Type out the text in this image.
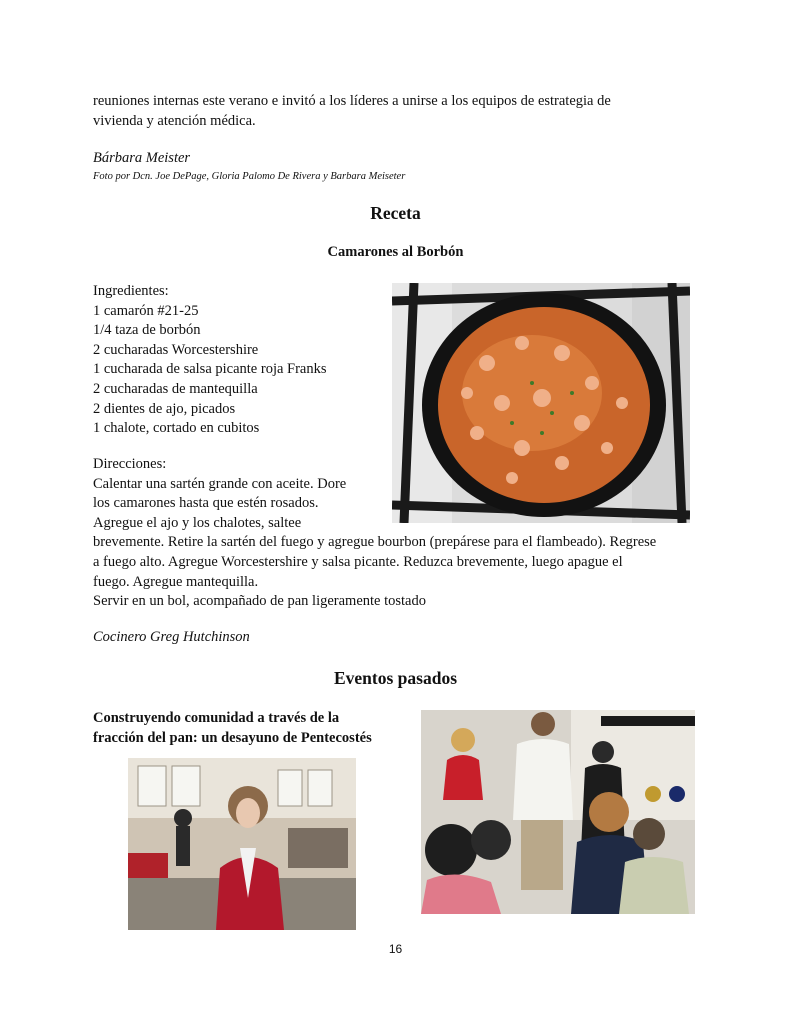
reuniones internas este verano e invitó a los líderes a unirse a los equipos de estrategia de
vivienda y atención médica.
Bárbara Meister
Foto por Dcn. Joe DePage, Gloria Palomo De Rivera y Barbara Meiseter
Receta
Camarones al Borbón
Ingredientes:
1 camarón #21-25
1/4 taza de borbón
2 cucharadas Worcestershire
1 cucharada de salsa picante roja Franks
2 cucharadas de mantequilla
2 dientes de ajo, picados
1 chalote, cortado en cubitos
Direcciones:
Calentar una sartén grande con aceite. Dore
los camarones hasta que estén rosados.
Agregue el ajo y los chalotes, saltee
brevemente. Retire la sartén del fuego y agregue bourbon (prepárese para el flambeado). Regrese
a fuego alto. Agregue Worcestershire y salsa picante. Reduzca brevemente, luego apague el
fuego. Agregue mantequilla.
Servir en un bol, acompañado de pan ligeramente tostado
Cocinero Greg Hutchinson
Eventos pasados
Construyendo comunidad a través de la
fracción del pan: un desayuno de Pentecostés
16
